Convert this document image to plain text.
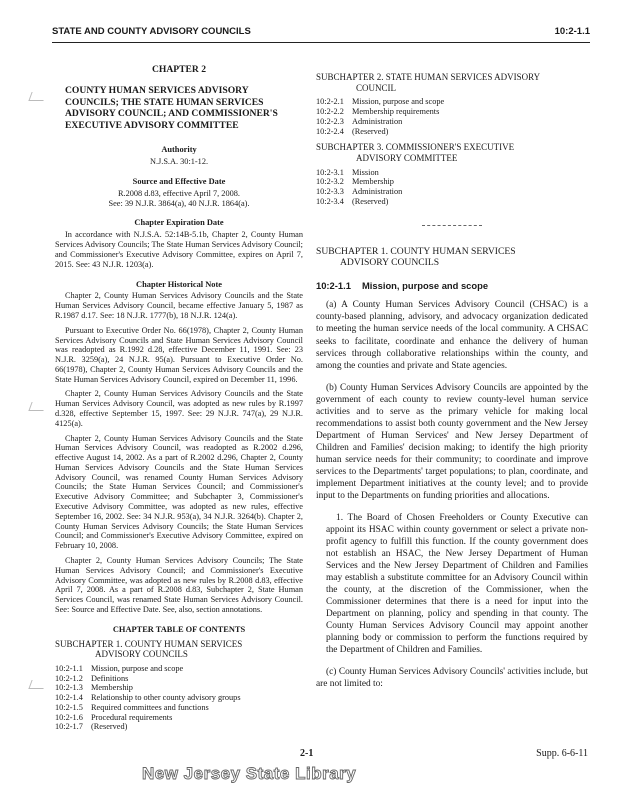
STATE AND COUNTY ADVISORY COUNCILS	10:2-1.1
CHAPTER 2
COUNTY HUMAN SERVICES ADVISORY COUNCILS; THE STATE HUMAN SERVICES ADVISORY COUNCIL; AND COMMISSIONER'S EXECUTIVE ADVISORY COMMITTEE
Authority
N.J.S.A. 30:1-12.
Source and Effective Date
R.2008 d.83, effective April 7, 2008.
See: 39 N.J.R. 3864(a), 40 N.J.R. 1864(a).
Chapter Expiration Date
In accordance with N.J.S.A. 52:14B-5.1b, Chapter 2, County Human Services Advisory Councils; The State Human Services Advisory Council; and Commissioner's Executive Advisory Committee, expires on April 7, 2015. See: 43 N.J.R. 1203(a).
Chapter Historical Note
Chapter 2, County Human Services Advisory Councils and the State Human Services Advisory Council, became effective January 5, 1987 as R.1987 d.17. See: 18 N.J.R. 1777(b), 18 N.J.R. 124(a).
Pursuant to Executive Order No. 66(1978), Chapter 2, County Human Services Advisory Councils and State Human Services Advisory Council was readopted as R.1992 d.28, effective December 11, 1991. See: 23 N.J.R. 3259(a), 24 N.J.R. 95(a). Pursuant to Executive Order No. 66(1978), Chapter 2, County Human Services Advisory Councils and the State Human Services Advisory Council, expired on December 11, 1996.
Chapter 2, County Human Services Advisory Councils and the State Human Services Advisory Council, was adopted as new rules by R.1997 d.328, effective September 15, 1997. See: 29 N.J.R. 747(a), 29 N.J.R. 4125(a).
Chapter 2, County Human Services Advisory Councils and the State Human Services Advisory Council, was readopted as R.2002 d.296, effective August 14, 2002. As a part of R.2002 d.296, Chapter 2, County Human Services Advisory Councils and the State Human Services Advisory Council, was renamed County Human Services Advisory Councils; the State Human Services Council; and Commissioner's Executive Advisory Committee; and Subchapter 3, Commissioner's Executive Advisory Committee, was adopted as new rules, effective September 16, 2002. See: 34 N.J.R. 953(a), 34 N.J.R. 3264(b). Chapter 2, County Human Services Advisory Councils; the State Human Services Council; and Commissioner's Executive Advisory Committee, expired on February 10, 2008.
Chapter 2, County Human Services Advisory Councils; The State Human Services Advisory Council; and Commissioner's Executive Advisory Committee, was adopted as new rules by R.2008 d.83, effective April 7, 2008. As a part of R.2008 d.83, Subchapter 2, State Human Services Council, was renamed State Human Services Advisory Council. See: Source and Effective Date. See, also, section annotations.
CHAPTER TABLE OF CONTENTS
SUBCHAPTER 1. COUNTY HUMAN SERVICES
ADVISORY COUNCILS
10:2-1.1 Mission, purpose and scope
10:2-1.2 Definitions
10:2-1.3 Membership
10:2-1.4 Relationship to other county advisory groups
10:2-1.5 Required committees and functions
10:2-1.6 Procedural requirements
10:2-1.7 (Reserved)
SUBCHAPTER 2. STATE HUMAN SERVICES ADVISORY
COUNCIL
10:2-2.1 Mission, purpose and scope
10:2-2.2 Membership requirements
10:2-2.3 Administration
10:2-2.4 (Reserved)
SUBCHAPTER 3. COMMISSIONER'S EXECUTIVE
ADVISORY COMMITTEE
10:2-3.1 Mission
10:2-3.2 Membership
10:2-3.3 Administration
10:2-3.4 (Reserved)
SUBCHAPTER 1. COUNTY HUMAN SERVICES
ADVISORY COUNCILS
10:2-1.1 Mission, purpose and scope
(a) A County Human Services Advisory Council (CHSAC) is a county-based planning, advisory, and advocacy organization dedicated to meeting the human service needs of the local community. A CHSAC seeks to facilitate, coordinate and enhance the delivery of human services through collaborative relationships within the county, and among the counties and private and State agencies.
(b) County Human Services Advisory Councils are appointed by the government of each county to review county-level human service activities and to serve as the primary vehicle for making local recommendations to assist both county government and the New Jersey Department of Human Services' and New Jersey Department of Children and Families' decision making; to identify the high priority human service needs for their community; to coordinate and improve services to the Departments' target populations; to plan, coordinate, and implement Department initiatives at the county level; and to provide input to the Departments on funding priorities and allocations.
1. The Board of Chosen Freeholders or County Executive can appoint its HSAC within county government or select a private non-profit agency to fulfill this function. If the county government does not establish an HSAC, the New Jersey Department of Human Services and the New Jersey Department of Children and Families may establish a substitute committee for an Advisory Council within the county, at the discretion of the Commissioner, when the Commissioner determines that there is a need for input into the Department on planning, policy and spending in that county. The County Human Services Advisory Council may appoint another planning body or commission to perform the functions required by the Department of Children and Families.
(c) County Human Services Advisory Councils' activities include, but are not limited to:
2-1	Supp. 6-6-11
New Jersey State Library
